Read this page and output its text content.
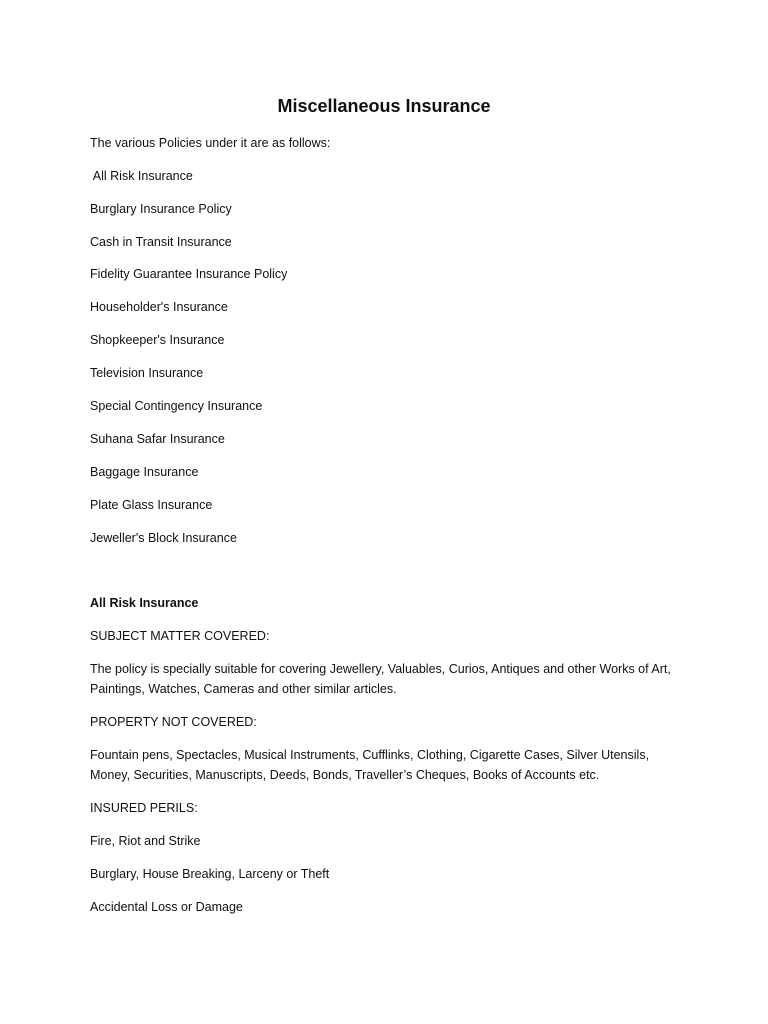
Miscellaneous Insurance
The various Policies under it are as follows:
All Risk Insurance
Burglary Insurance Policy
Cash in Transit Insurance
Fidelity Guarantee Insurance Policy
Householder's Insurance
Shopkeeper's Insurance
Television Insurance
Special Contingency Insurance
Suhana Safar Insurance
Baggage Insurance
Plate Glass Insurance
Jeweller's Block Insurance
All Risk Insurance
SUBJECT MATTER COVERED:
The policy is specially suitable for covering Jewellery, Valuables, Curios, Antiques and other Works of Art, Paintings, Watches, Cameras and other similar articles.
PROPERTY NOT COVERED:
Fountain pens, Spectacles, Musical Instruments, Cufflinks, Clothing, Cigarette Cases, Silver Utensils, Money, Securities, Manuscripts, Deeds, Bonds, Traveller’s Cheques, Books of Accounts etc.
INSURED PERILS:
Fire, Riot and Strike
Burglary, House Breaking, Larceny or Theft
Accidental Loss or Damage
